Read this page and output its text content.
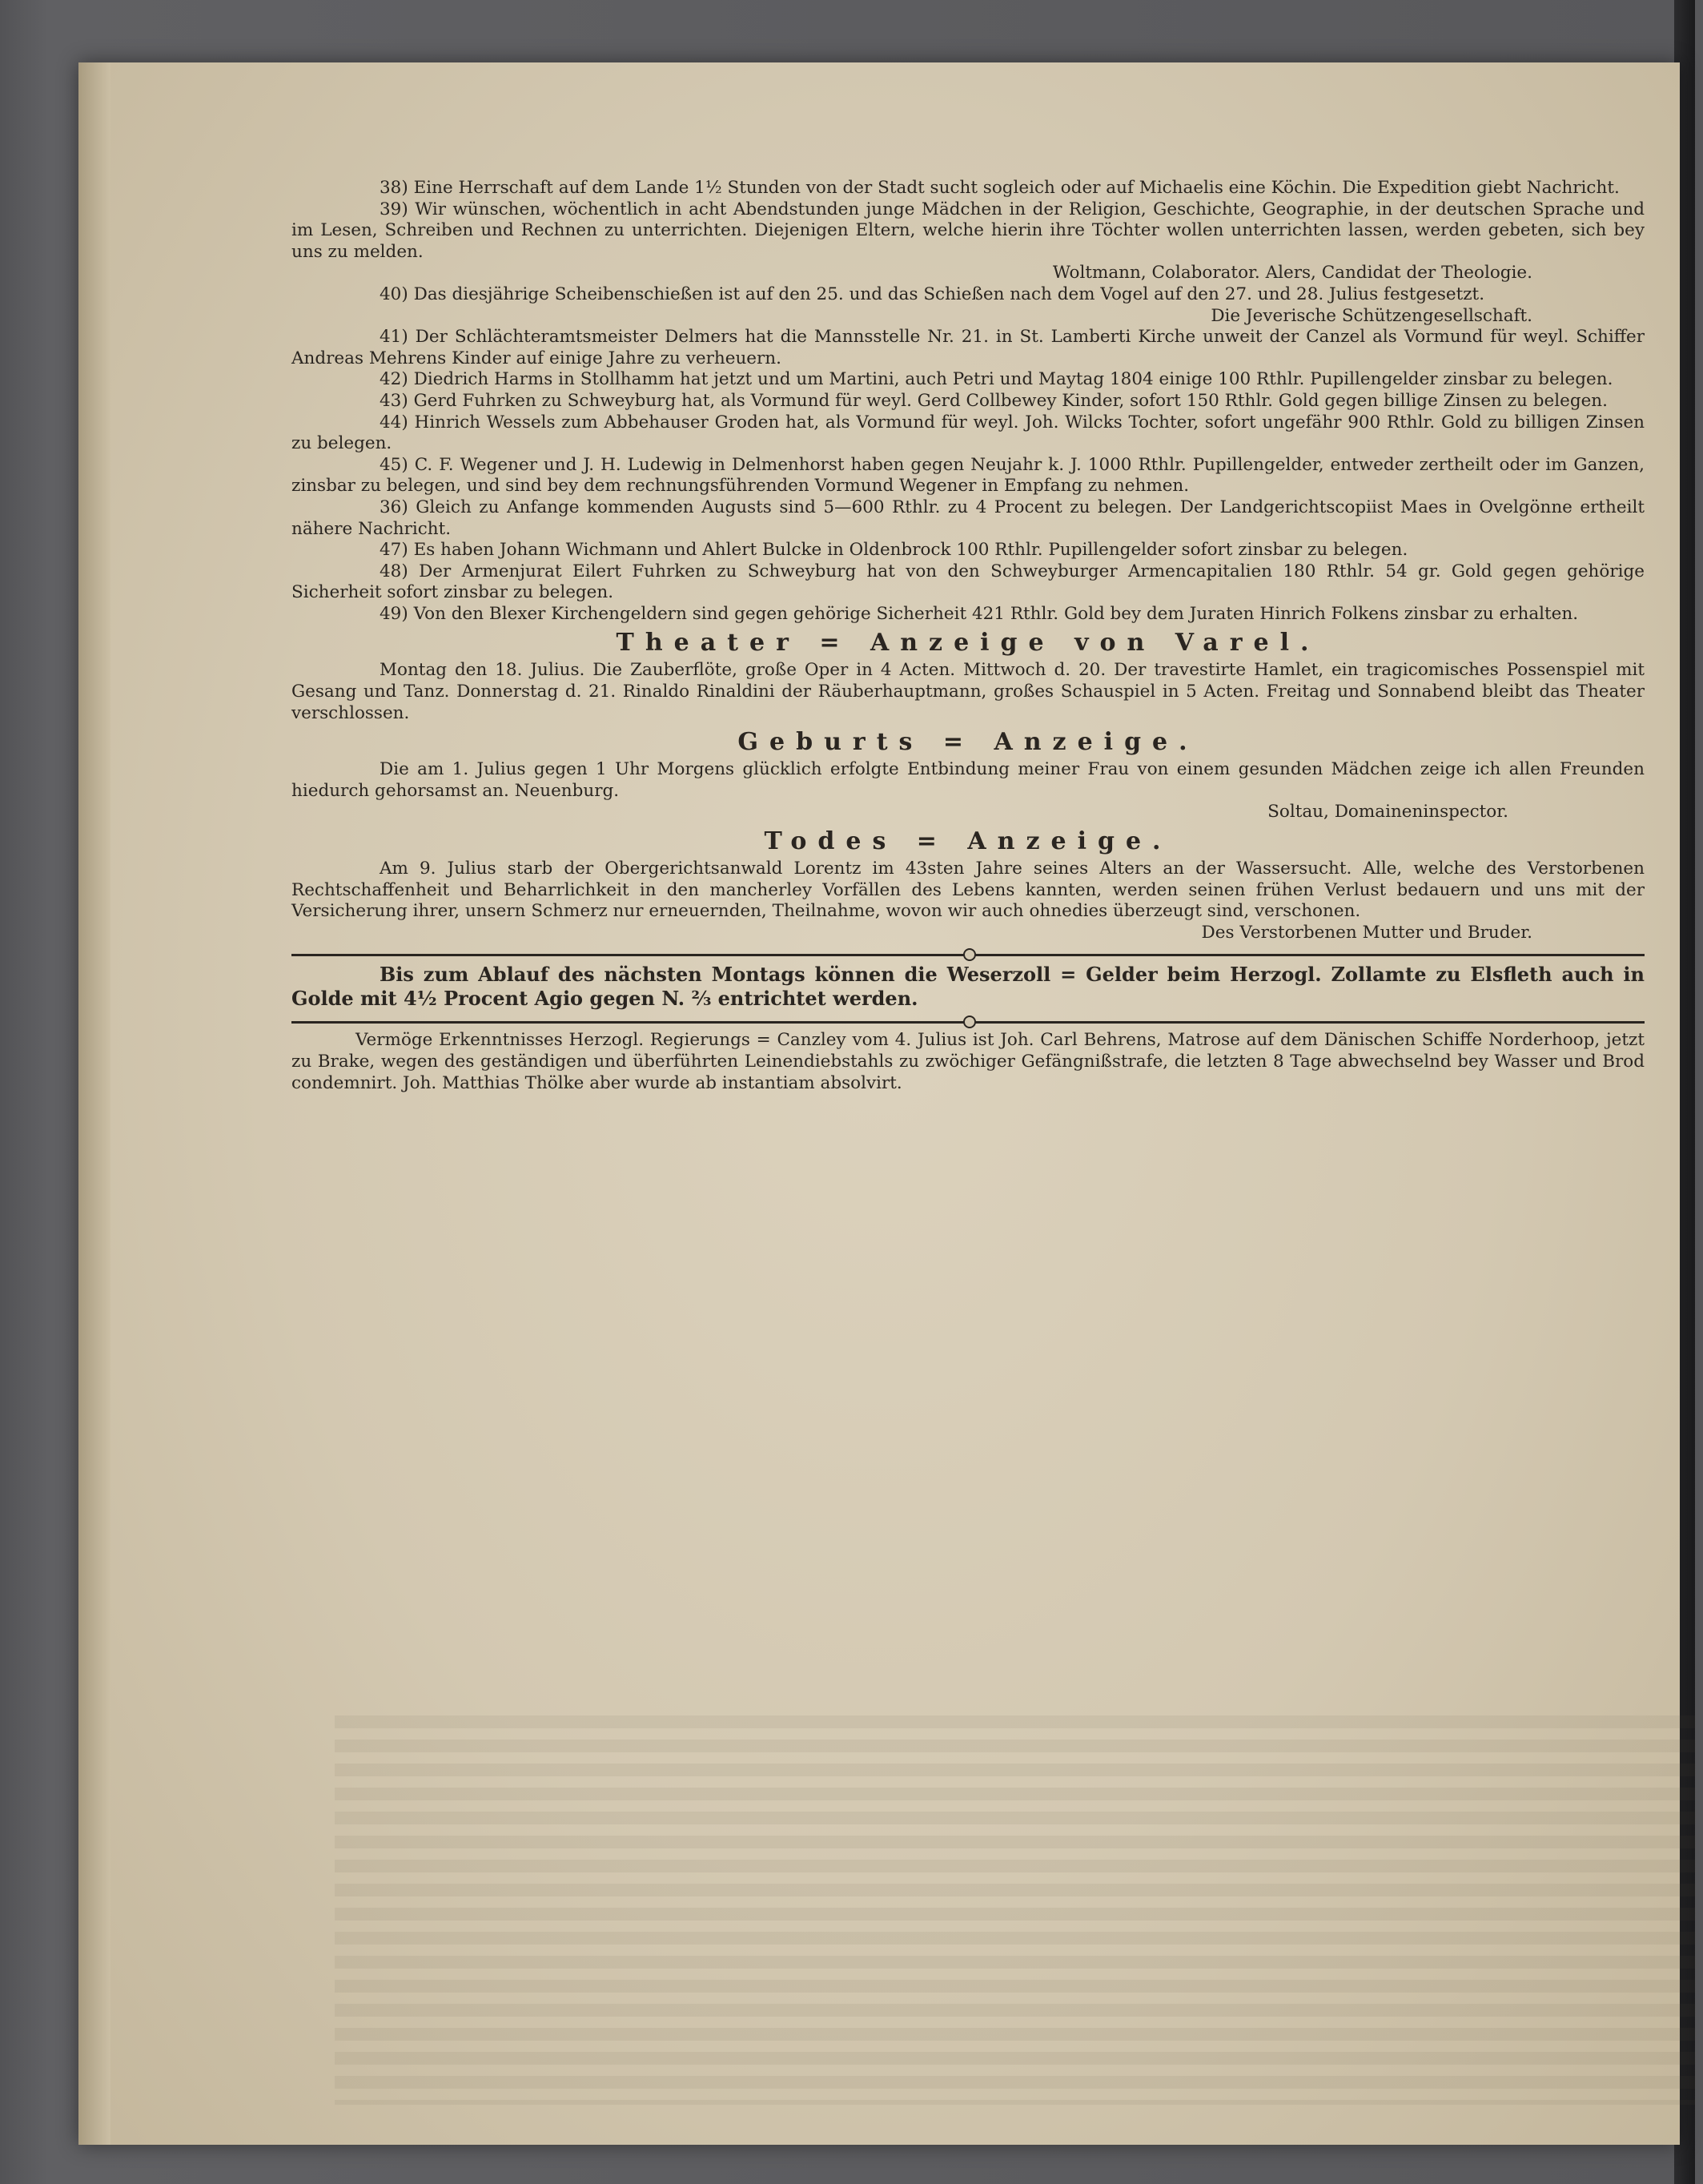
38) Eine Herrschaft auf dem Lande 1½ Stunden von der Stadt sucht sogleich oder auf Michaelis eine Köchin. Die Expedition giebt Nachricht.

39) Wir wünschen, wöchentlich in acht Abendstunden junge Mädchen in der Religion, Geschichte, Geographie, in der deutschen Sprache und im Lesen, Schreiben und Rechnen zu unterrichten. Diejenigen Eltern, welche hierin ihre Töchter wollen unterrichten lassen, werden gebeten, sich bey uns zu melden.

Woltmann, Colaborator. Alers, Candidat der Theologie.

40) Das diesjährige Scheibenschießen ist auf den 25. und das Schießen nach dem Vogel auf den 27. und 28. Julius festgesetzt.

Die Jeverische Schützengesellschaft.

41) Der Schlächteramtsmeister Delmers hat die Mannsstelle Nr. 21. in St. Lamberti Kirche unweit der Canzel als Vormund für weyl. Schiffer Andreas Mehrens Kinder auf einige Jahre zu verheuern.

42) Diedrich Harms in Stollhamm hat jetzt und um Martini, auch Petri und Maytag 1804 einige 100 Rthlr. Pupillengelder zinsbar zu belegen.

43) Gerd Fuhrken zu Schweyburg hat, als Vormund für weyl. Gerd Collbewey Kinder, sofort 150 Rthlr. Gold gegen billige Zinsen zu belegen.

44) Hinrich Wessels zum Abbehauser Groden hat, als Vormund für weyl. Joh. Wilcks Tochter, sofort ungefähr 900 Rthlr. Gold zu billigen Zinsen zu belegen.

45) C. F. Wegener und J. H. Ludewig in Delmenhorst haben gegen Neujahr k. J. 1000 Rthlr. Pupillengelder, entweder zertheilt oder im Ganzen, zinsbar zu belegen, und sind bey dem rechnungsführenden Vormund Wegener in Empfang zu nehmen.

36) Gleich zu Anfange kommenden Augusts sind 5—600 Rthlr. zu 4 Procent zu belegen. Der Landgerichtscopiist Maes in Ovelgönne ertheilt nähere Nachricht.

47) Es haben Johann Wichmann und Ahlert Bulcke in Oldenbrock 100 Rthlr. Pupillengelder sofort zinsbar zu belegen.

48) Der Armenjurat Eilert Fuhrken zu Schweyburg hat von den Schweyburger Armencapitalien 180 Rthlr. 54 gr. Gold gegen gehörige Sicherheit sofort zinsbar zu belegen.

49) Von den Blexer Kirchengeldern sind gegen gehörige Sicherheit 421 Rthlr. Gold bey dem Juraten Hinrich Folkens zinsbar zu erhalten.

Theater = Anzeige von Varel.

Montag den 18. Julius. Die Zauberflöte, große Oper in 4 Acten. Mittwoch d. 20. Der travestirte Hamlet, ein tragicomisches Possenspiel mit Gesang und Tanz. Donnerstag d. 21. Rinaldo Rinaldini der Räuberhauptmann, großes Schauspiel in 5 Acten. Freitag und Sonnabend bleibt das Theater verschlossen.

Geburts = Anzeige.

Die am 1. Julius gegen 1 Uhr Morgens glücklich erfolgte Entbindung meiner Frau von einem gesunden Mädchen zeige ich allen Freunden hiedurch gehorsamst an. Neuenburg.

Soltau, Domaineninspector.
Todes = Anzeige.

Am 9. Julius starb der Obergerichtsanwald Lorentz im 43sten Jahre seines Alters an der Wassersucht. Alle, welche des Verstorbenen Rechtschaffenheit und Beharrlichkeit in den mancherley Vorfällen des Lebens kannten, werden seinen frühen Verlust bedauern und uns mit der Versicherung ihrer, unsern Schmerz nur erneuernden, Theilnahme, wovon wir auch ohnedies überzeugt sind, verschonen.

Des Verstorbenen Mutter und Bruder.

Bis zum Ablauf des nächsten Montags können die Weserzoll = Gelder beim Herzogl. Zollamte zu Elsfleth auch in Golde mit 4½ Procent Agio gegen N. ⅔ entrichtet werden.

Vermöge Erkenntnisses Herzogl. Regierungs = Canzley vom 4. Julius ist Joh. Carl Behrens, Matrose auf dem Dänischen Schiffe Norderhoop, jetzt zu Brake, wegen des geständigen und überführten Leinendiebstahls zu zwöchiger Gefängnißstrafe, die letzten 8 Tage abwechselnd bey Wasser und Brod condemnirt. Joh. Matthias Thölke aber wurde ab instantiam absolvirt.
